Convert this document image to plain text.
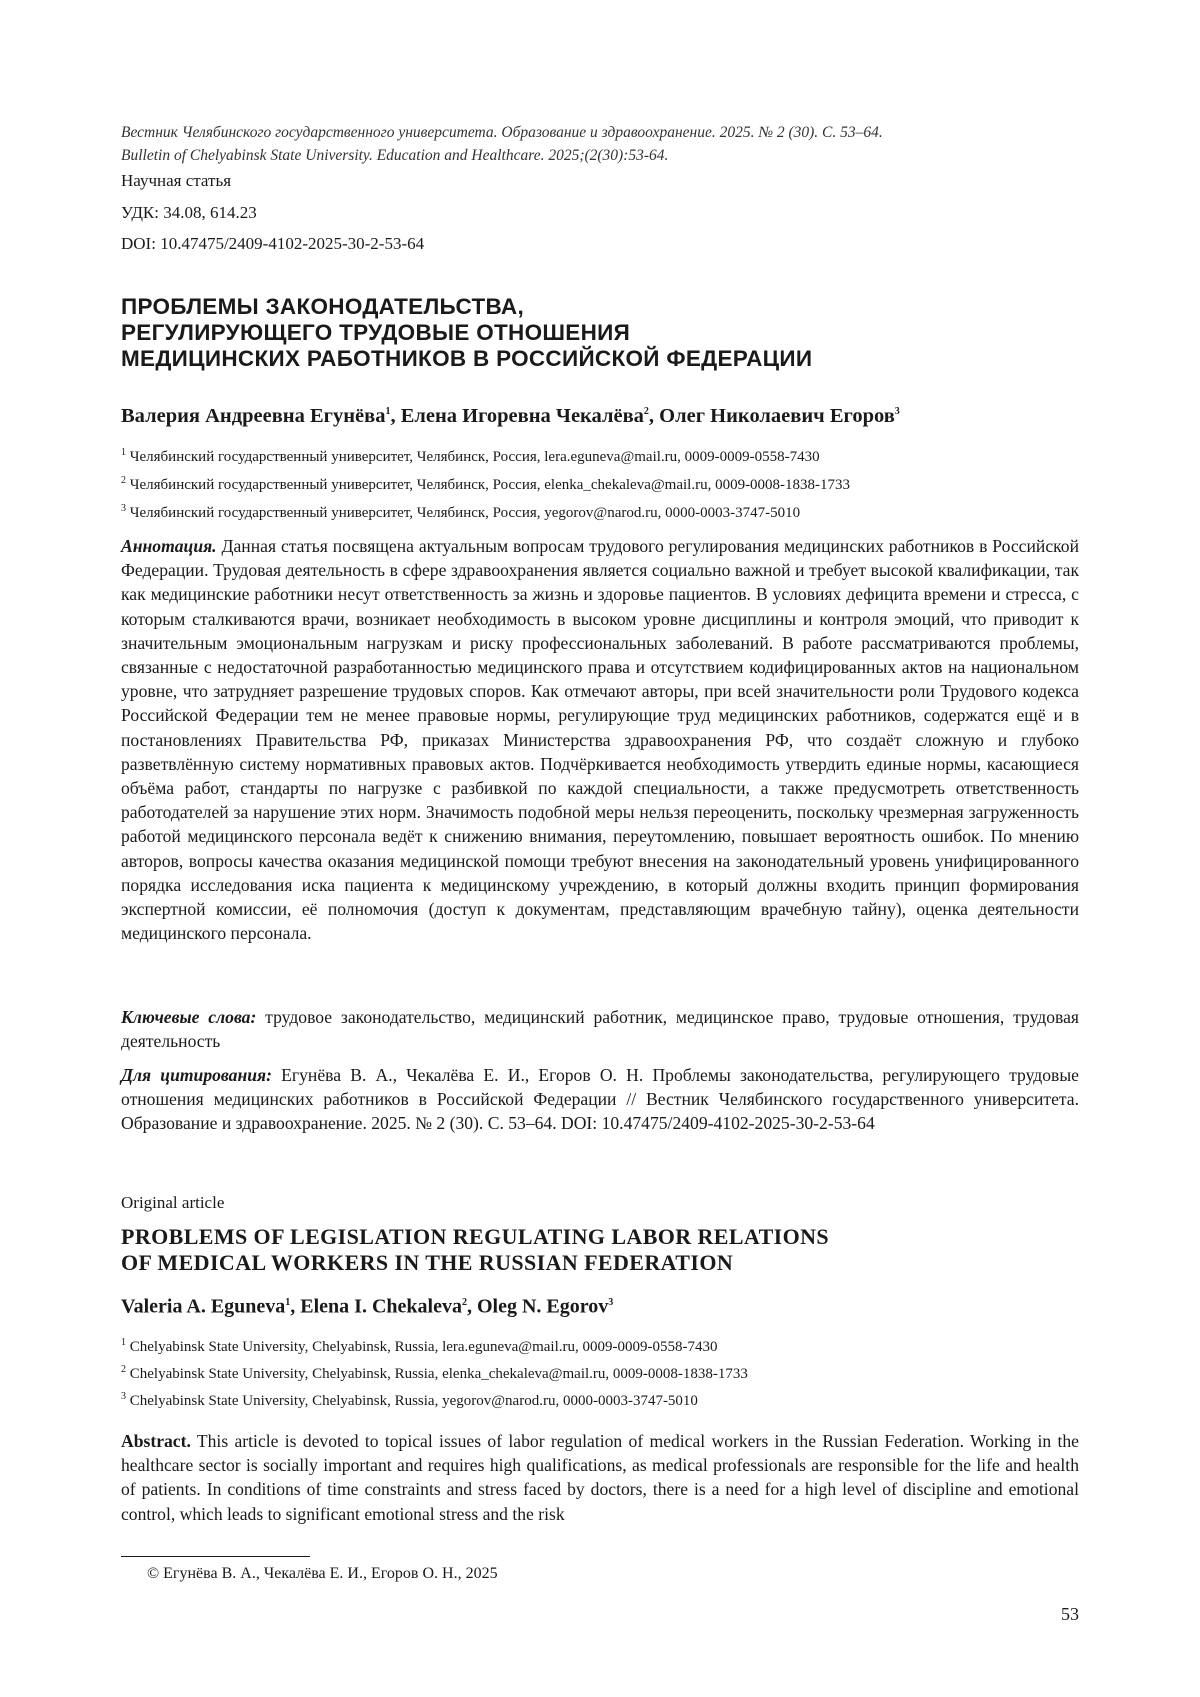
Вестник Челябинского государственного университета. Образование и здравоохранение. 2025. № 2 (30). С. 53–64.
Bulletin of Chelyabinsk State University. Education and Healthcare. 2025;(2(30):53-64.
Научная статья
УДК: 34.08, 614.23
DOI: 10.47475/2409-4102-2025-30-2-53-64
ПРОБЛЕМЫ ЗАКОНОДАТЕЛЬСТВА,
РЕГУЛИРУЮЩЕГО ТРУДОВЫЕ ОТНОШЕНИЯ
МЕДИЦИНСКИХ РАБОТНИКОВ В РОССИЙСКОЙ ФЕДЕРАЦИИ
Валерия Андреевна Егунёва$^1$, Елена Игоревна Чекалёва$^2$, Олег Николаевич Егоров$^3$
$^1$ Челябинский государственный университет, Челябинск, Россия, lera.eguneva@mail.ru, 0009-0009-0558-7430
$^2$ Челябинский государственный университет, Челябинск, Россия, elenka_chekaleva@mail.ru, 0009-0008-1838-1733
$^3$ Челябинский государственный университет, Челябинск, Россия, yegorov@narod.ru, 0000-0003-3747-5010
Аннотация. Данная статья посвящена актуальным вопросам трудового регулирования медицинских работников в Российской Федерации. Трудовая деятельность в сфере здравоохранения является социально важной и требует высокой квалификации, так как медицинские работники несут ответственность за жизнь и здоровье пациентов. В условиях дефицита времени и стресса, с которым сталкиваются врачи, возникает необходимость в высоком уровне дисциплины и контроля эмоций, что приводит к значительным эмоциональным нагрузкам и риску профессиональных заболеваний. В работе рассматриваются проблемы, связанные с недостаточной разработанностью медицинского права и отсутствием кодифицированных актов на национальном уровне, что затрудняет разрешение трудовых споров. Как отмечают авторы, при всей значительности роли Трудового кодекса Российской Федерации тем не менее правовые нормы, регулирующие труд медицинских работников, содержатся ещё и в постановлениях Правительства РФ, приказах Министерства здравоохранения РФ, что создаёт сложную и глубоко разветвлённую систему нормативных правовых актов. Подчёркивается необходимость утвердить единые нормы, касающиеся объёма работ, стандарты по нагрузке с разбивкой по каждой специальности, а также предусмотреть ответственность работодателей за нарушение этих норм. Значимость подобной меры нельзя переоценить, поскольку чрезмерная загруженность работой медицинского персонала ведёт к снижению внимания, переутомлению, повышает вероятность ошибок. По мнению авторов, вопросы качества оказания медицинской помощи требуют внесения на законодательный уровень унифицированного порядка исследования иска пациента к медицинскому учреждению, в который должны входить принцип формирования экспертной комиссии, её полномочия (доступ к документам, представляющим врачебную тайну), оценка деятельности медицинского персонала.
Ключевые слова: трудовое законодательство, медицинский работник, медицинское право, трудовые отношения, трудовая деятельность
Для цитирования: Егунёва В. А., Чекалёва Е. И., Егоров О. Н. Проблемы законодательства, регулирующего трудовые отношения медицинских работников в Российской Федерации // Вестник Челябинского государственного университета. Образование и здравоохранение. 2025. № 2 (30). С. 53–64. DOI: 10.47475/2409-4102-2025-30-2-53-64
Original article
PROBLEMS OF LEGISLATION REGULATING LABOR RELATIONS
OF MEDICAL WORKERS IN THE RUSSIAN FEDERATION
Valeria A. Eguneva$^1$, Elena I. Chekaleva$^2$, Oleg N. Egorov$^3$
$^1$ Chelyabinsk State University, Chelyabinsk, Russia, lera.eguneva@mail.ru, 0009-0009-0558-7430
$^2$ Chelyabinsk State University, Chelyabinsk, Russia, elenka_chekaleva@mail.ru, 0009-0008-1838-1733
$^3$ Chelyabinsk State University, Chelyabinsk, Russia, yegorov@narod.ru, 0000-0003-3747-5010
Abstract. This article is devoted to topical issues of labor regulation of medical workers in the Russian Federation. Working in the healthcare sector is socially important and requires high qualifications, as medical professionals are responsible for the life and health of patients. In conditions of time constraints and stress faced by doctors, there is a need for a high level of discipline and emotional control, which leads to significant emotional stress and the risk
© Егунёва В. А., Чекалёва Е. И., Егоров О. Н., 2025
53
